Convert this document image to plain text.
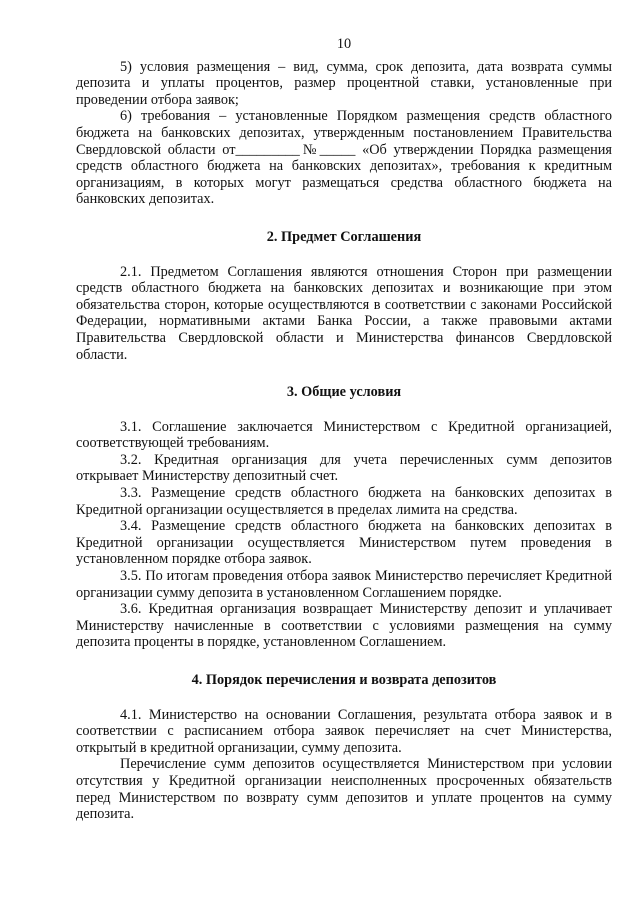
10

5) условия размещения – вид, сумма, срок депозита, дата возврата суммы депозита и уплаты процентов, размер процентной ставки, установленные при проведении отбора заявок;

6) требования – установленные Порядком размещения средств областного бюджета на банковских депозитах, утвержденным постановлением Правительства Свердловской области от_________№_____ «Об утверждении Порядка размещения средств областного бюджета на банковских депозитах», требования к кредитным организациям, в которых могут размещаться средства областного бюджета на банковских депозитах.

2. Предмет Соглашения

2.1. Предметом Соглашения являются отношения Сторон при размещении средств областного бюджета на банковских депозитах и возникающие при этом обязательства сторон, которые осуществляются в соответствии с законами Российской Федерации, нормативными актами Банка России, а также правовыми актами Правительства Свердловской области и Министерства финансов Свердловской области.

3. Общие условия

3.1. Соглашение заключается Министерством с Кредитной организацией, соответствующей требованиям.

3.2. Кредитная организация для учета перечисленных сумм депозитов открывает Министерству депозитный счет.

3.3. Размещение средств областного бюджета на банковских депозитах в Кредитной организации осуществляется в пределах лимита на средства.

3.4. Размещение средств областного бюджета на банковских депозитах в Кредитной организации осуществляется Министерством путем проведения в установленном порядке отбора заявок.

3.5. По итогам проведения отбора заявок Министерство перечисляет Кредитной организации сумму депозита в установленном Соглашением порядке.

3.6. Кредитная организация возвращает Министерству депозит и уплачивает Министерству начисленные в соответствии с условиями размещения на сумму депозита проценты в порядке, установленном Соглашением.

4. Порядок перечисления и возврата депозитов

4.1. Министерство на основании Соглашения, результата отбора заявок и в соответствии с расписанием отбора заявок перечисляет на счет Министерства, открытый в кредитной организации, сумму депозита.

Перечисление сумм депозитов осуществляется Министерством при условии отсутствия у Кредитной организации неисполненных просроченных обязательств перед Министерством по возврату сумм депозитов и уплате процентов на сумму депозита.
